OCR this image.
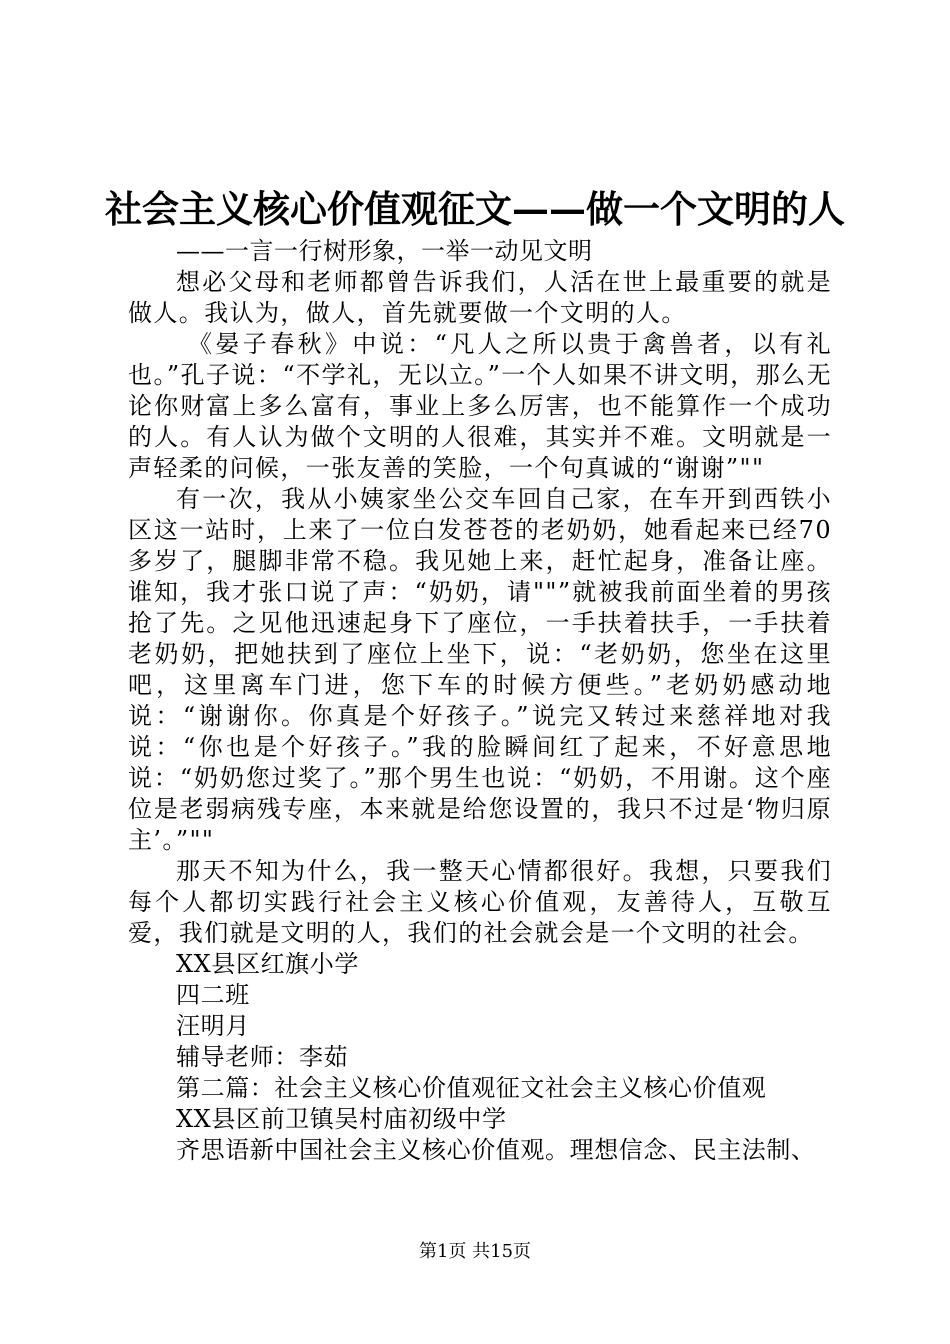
社会主义核心价值观征文——做一个文明的人

——一言一行树形象，一举一动见文明

想必父母和老师都曾告诉我们，人活在世上最重要的就是做人。我认为，做人，首先就要做一个文明的人。

《晏子春秋》中说：“凡人之所以贵于禽兽者，以有礼也。”孔子说：“不学礼，无以立。”一个人如果不讲文明，那么无论你财富上多么富有，事业上多么厉害，也不能算作一个成功的人。有人认为做个文明的人很难，其实并不难。文明就是一声轻柔的问候，一张友善的笑脸，一个句真诚的“谢谢”""

有一次，我从小姨家坐公交车回自己家，在车开到西铁小区这一站时，上来了一位白发苍苍的老奶奶，她看起来已经70多岁了，腿脚非常不稳。我见她上来，赶忙起身，准备让座。谁知，我才张口说了声：“奶奶，请""”就被我前面坐着的男孩抢了先。之见他迅速起身下了座位，一手扶着扶手，一手扶着老奶奶，把她扶到了座位上坐下，说：“老奶奶，您坐在这里吧，这里离车门进，您下车的时候方便些。”老奶奶感动地说：“谢谢你。你真是个好孩子。”说完又转过来慈祥地对我说：“你也是个好孩子。”我的脸瞬间红了起来，不好意思地说：“奶奶您过奖了。”那个男生也说：“奶奶，不用谢。这个座位是老弱病残专座，本来就是给您设置的，我只不过是‘物归原主’。”""

那天不知为什么，我一整天心情都很好。我想，只要我们每个人都切实践行社会主义核心价值观，友善待人，互敬互爱，我们就是文明的人，我们的社会就会是一个文明的社会。

XX县区红旗小学

四二班

汪明月

辅导老师：李茹

第二篇：社会主义核心价值观征文社会主义核心价值观

XX县区前卫镇吴村庙初级中学

齐思语新中国社会主义核心价值观。理想信念、民主法制、

第1页 共15页
